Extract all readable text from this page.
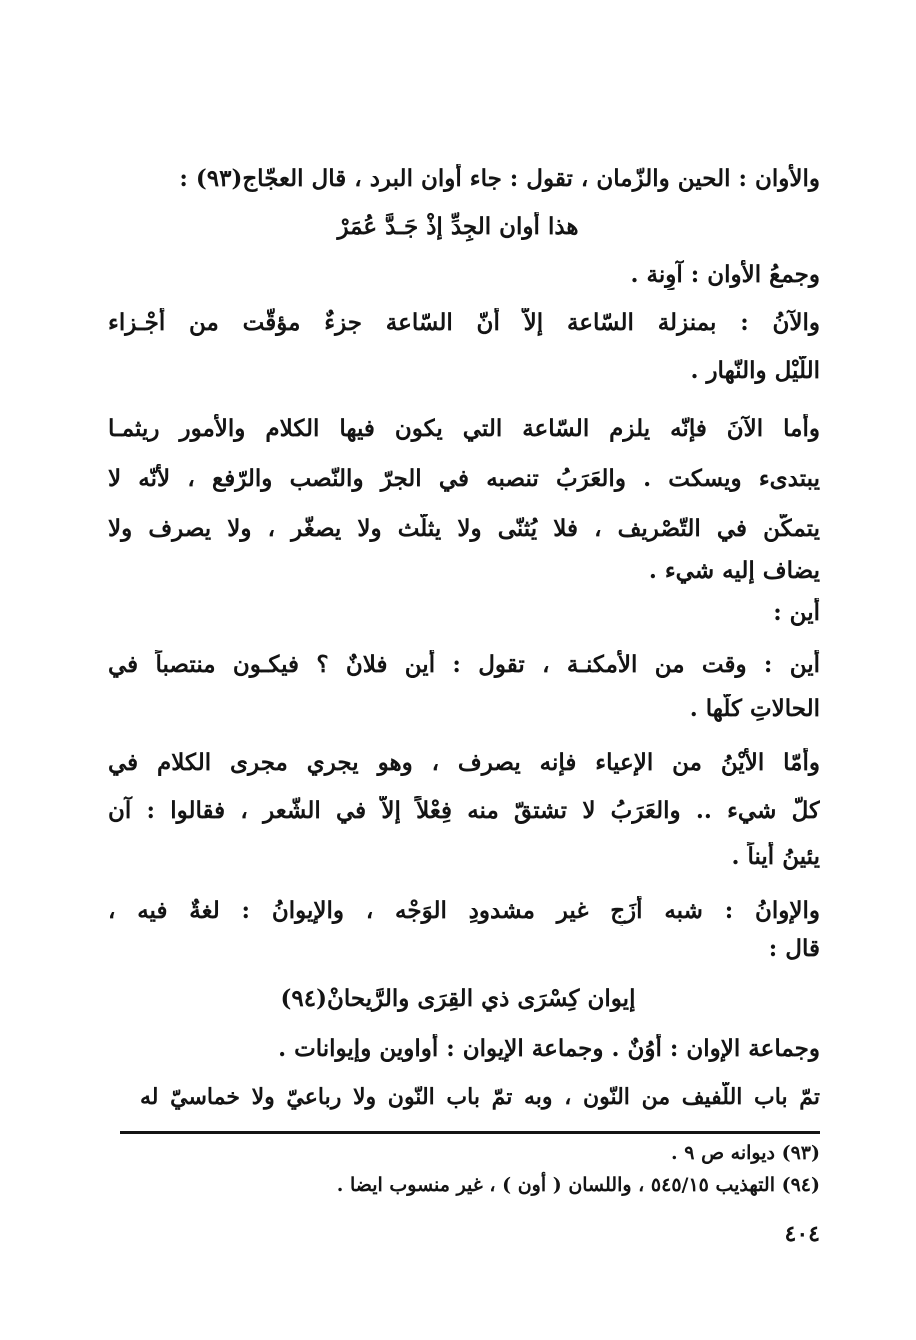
والأوان : الحين والزّمان ، تقول : جاء أوان البرد ، قال العجّاج(٩٣) :
هذا أوان الجِدِّ إذْ جَـدَّ عُمَرْ
وجمعُ الأَوان : آوِنة .
والآنُ : بمنزلة السّاعة إلاّ أنّ السّاعة جزءٌ مؤقّت من أَجْـزاء
اللّيْل والنّهار .
وأما الآنَ فإنّه يلزم السّاعة التي يكون فيها الكلام والأمور ريثمـا
يبتدىء ويسكت . والعَرَبُ تنصبه في الجرّ والنّصب والرّفع ، لأنّه لا
يتمكّن في التّصْريف ، فلا يُثنّى ولا يثلّث ولا يصغّر ، ولا يصرف ولا
يضاف إليه شيء .
أين :
أين : وقت من الأمكنـة ، تقول : أين فلانٌ ؟ فيكـون منتصباً في
الحالاتِ كلّها .
وأمّا الأَيْنُ من الإعياء فإنه يصرف ، وهو يجري مجرى الكلام في
كلّ شيء .. والعَرَبُ لا تشتقّ منه فِعْلاً إلاّ في الشّعر ، فقالوا : آن
يئينُ أيناً .
والإوانُ : شبه أَزَجٍ غير مشدودِ الوَجْه ، والإيوانُ : لغةٌ فيه ،
قال :
إيوان كِسْرَى ذي القِرَى والرَّيحانْ(٩٤)
وجماعة الإوان : أُوُنٌ . وجماعة الإيوان : أواوين وإيوانات .
تمّ باب اللّفيف من النّون ، وبه تمّ باب النّون ولا رباعيّ ولا خماسيّ له
(٩٣) ديوانه ص ٩ .
(٩٤) التهذيب ٥٤٥/١٥ ، واللسان ( أون ) ، غير منسوب ايضا .
٤٠٤
